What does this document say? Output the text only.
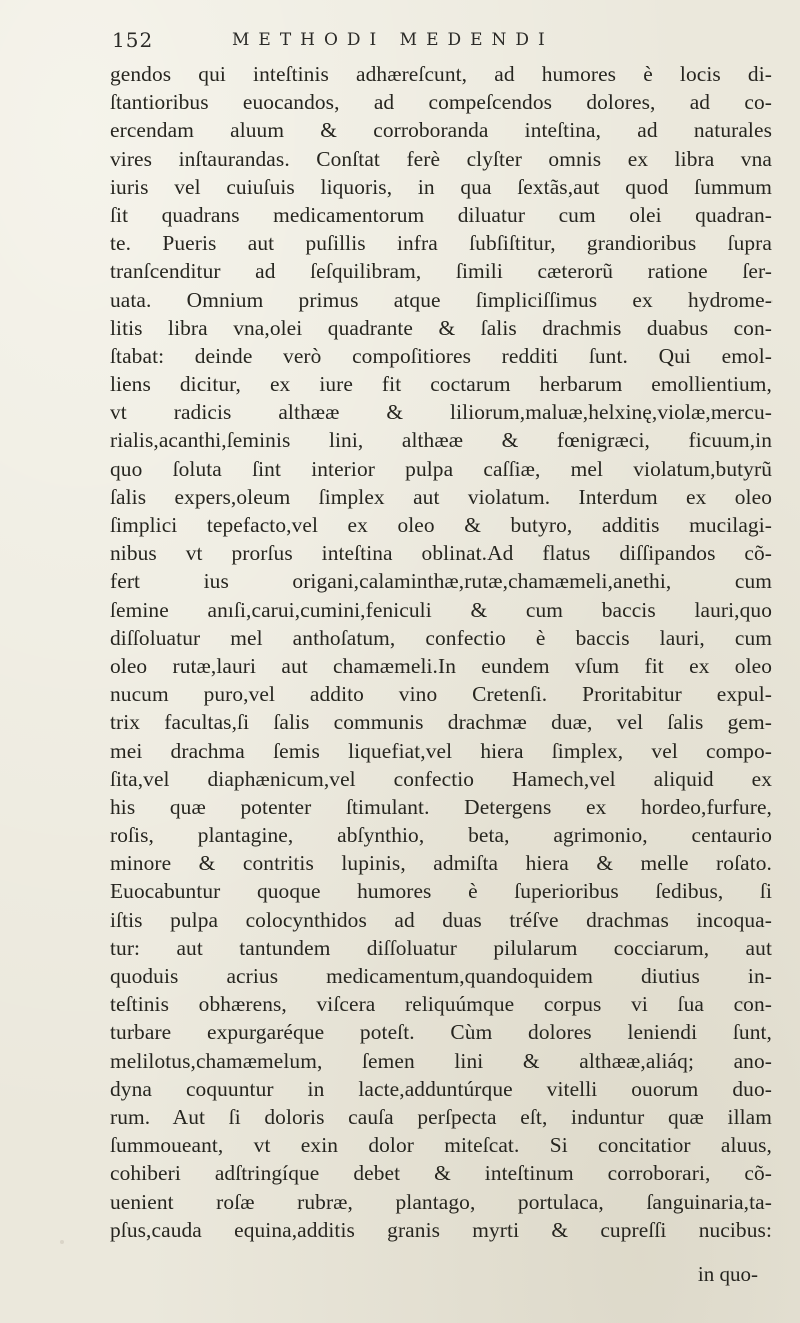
152	METHODI MEDENDI
gendos qui inteſtinis adhæreſcunt, ad humores è locis di-
ſtantioribus euocandos, ad compeſcendos dolores, ad co-
ercendam aluum & corroboranda inteſtina, ad naturales
vires inſtaurandas. Conſtat ferè clyſter omnis ex libra vna
iuris vel cuiuſuis liquoris, in qua ſextãs,aut quod ſummum
ſit quadrans medicamentorum diluatur cum olei quadran-
te. Pueris aut puſillis infra ſubſiſtitur, grandioribus ſupra
tranſcenditur ad ſeſquilibram, ſimili cæterorũ ratione ſer-
uata. Omnium primus atque ſimpliciſſimus ex hydrome-
litis libra vna,olei quadrante & ſalis drachmis duabus con-
ſtabat: deinde verò compoſitiores redditi ſunt. Qui emol-
liens dicitur, ex iure fit coctarum herbarum emollientium,
vt radicis althææ & liliorum,maluæ,helxinę,violæ,mercu-
rialis,acanthi,ſeminis lini, althææ & fœnigræci, ficuum,in
quo ſoluta ſint interior pulpa caſſiæ, mel violatum,butyrũ
ſalis expers,oleum ſimplex aut violatum. Interdum ex oleo
ſimplici tepefacto,vel ex oleo & butyro, additis mucilagi-
nibus vt prorſus inteſtina oblinat.Ad flatus diſſipandos cõ-
fert ius origani,calaminthæ,rutæ,chamæmeli,anethi, cum
ſemine anıſi,carui,cumini,feniculi & cum baccis lauri,quo
diſſoluatur mel anthoſatum, confectio è baccis lauri, cum
oleo rutæ,lauri aut chamæmeli.In eundem vſum fit ex oleo
nucum puro,vel addito vino Cretenſi. Proritabitur expul-
trix facultas,ſi ſalis communis drachmæ duæ, vel ſalis gem-
mei drachma ſemis liquefiat,vel hiera ſimplex, vel compo-
ſita,vel diaphænicum,vel confectio Hamech,vel aliquid ex
his quæ potenter ſtimulant. Detergens ex hordeo,furfure,
roſis, plantagine, abſynthio, beta, agrimonio, centaurio
minore & contritis lupinis, admiſta hiera & melle roſato.
Euocabuntur quoque humores è ſuperioribus ſedibus, ſi
iſtis pulpa colocynthidos ad duas tréſve drachmas incoqua-
tur: aut tantundem diſſoluatur pilularum cocciarum, aut
quoduis acrius medicamentum,quandoquidem diutius in-
teſtinis obhærens, viſcera reliquúmque corpus vi ſua con-
turbare expurgaréque poteſt. Cùm dolores leniendi ſunt,
melilotus,chamæmelum, ſemen lini & althææ,aliáq; ano-
dyna coquuntur in lacte,adduntúrque vitelli ouorum duo-
rum. Aut ſi doloris cauſa perſpecta eſt, induntur quæ illam
ſummoueant, vt exin dolor miteſcat. Si concitatior aluus,
cohiberi adſtringíque debet & inteſtinum corroborari, cõ-
uenient roſæ rubræ, plantago, portulaca, ſanguinaria,ta-
pſus,cauda equina,additis granis myrti & cupreſſi nucibus:
in quo-
